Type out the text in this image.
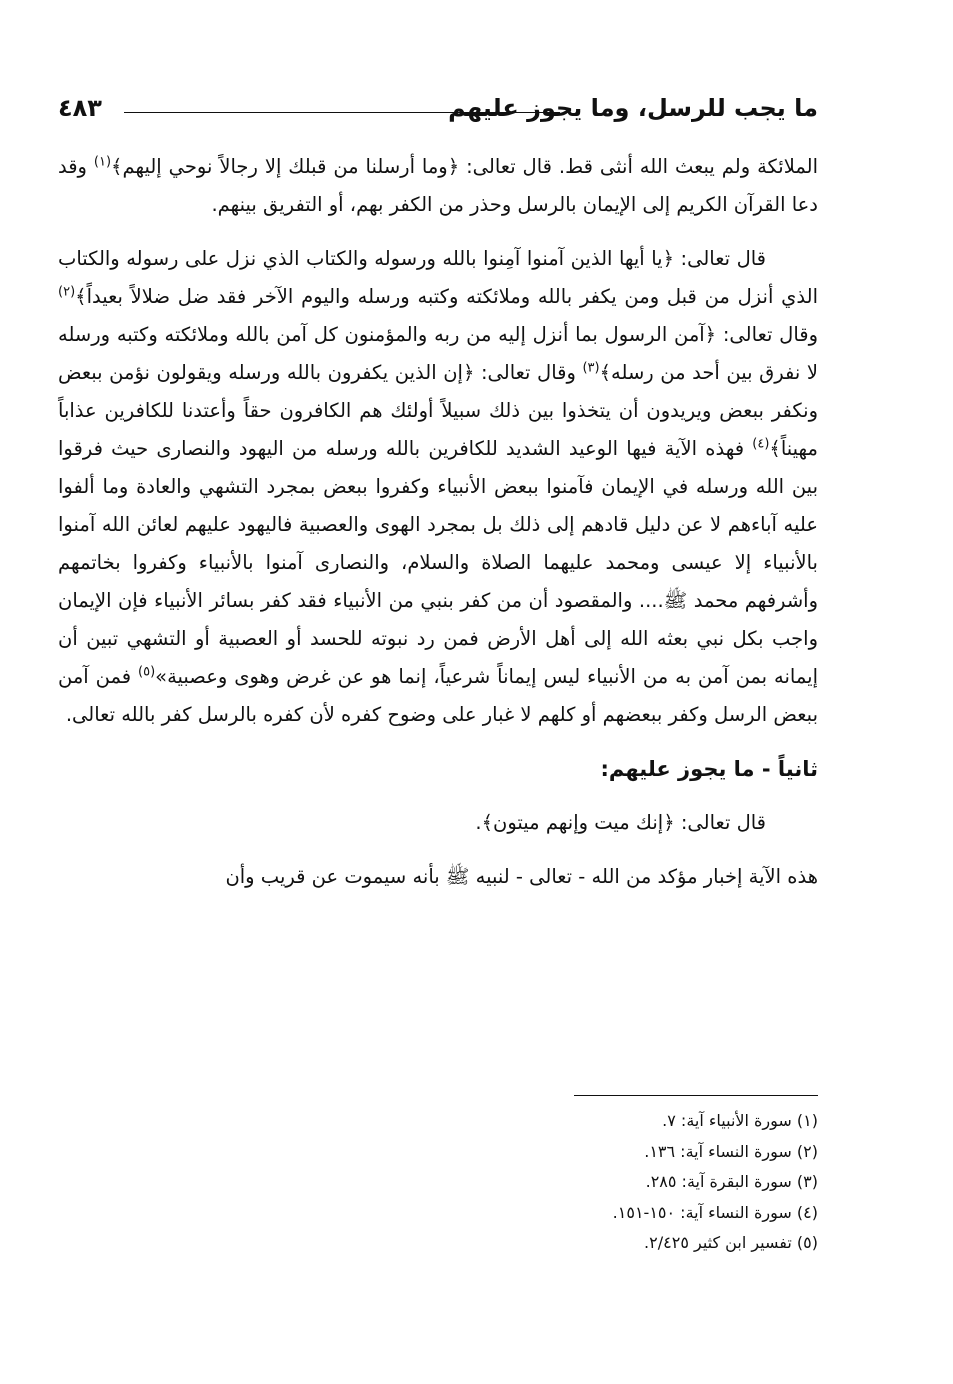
ما يجب للرسل، وما يجوز عليهم
٤٨٣

الملائكة ولم يبعث الله أنثى قط. قال تعالى: ﴿وما أرسلنا من قبلك إلا رجالاً نوحي إليهم﴾$^{(١)}$ وقد دعا القرآن الكريم إلى الإيمان بالرسل وحذر من الكفر بهم، أو التفريق بينهم.

قال تعالى: ﴿يا أيها الذين آمنوا آمِنوا بالله ورسوله والكتاب الذي نزل على رسوله والكتاب الذي أنزل من قبل ومن يكفر بالله وملائكته وكتبه ورسله واليوم الآخر فقد ضل ضلالاً بعيداً﴾$^{(٢)}$ وقال تعالى: ﴿آمن الرسول بما أنزل إليه من ربه والمؤمنون كل آمن بالله وملائكته وكتبه ورسله لا نفرق بين أحد من رسله﴾$^{(٣)}$ وقال تعالى: ﴿إن الذين يكفرون بالله ورسله ويقولون نؤمن ببعض ونكفر ببعض ويريدون أن يتخذوا بين ذلك سبيلاً أولئك هم الكافرون حقاً وأعتدنا للكافرين عذاباً مهيناً﴾$^{(٤)}$ فهذه الآية فيها الوعيد الشديد للكافرين بالله ورسله من اليهود والنصارى حيث فرقوا بين الله ورسله في الإيمان فآمنوا ببعض الأنبياء وكفروا ببعض بمجرد التشهي والعادة وما ألفوا عليه آباءهم لا عن دليل قادهم إلى ذلك بل بمجرد الهوى والعصبية فاليهود عليهم لعائن الله آمنوا بالأنبياء إلا عيسى ومحمد عليهما الصلاة والسلام، والنصارى آمنوا بالأنبياء وكفروا بخاتمهم وأشرفهم محمد ﷺ.... والمقصود أن من كفر بنبي من الأنبياء فقد كفر بسائر الأنبياء فإن الإيمان واجب بكل نبي بعثه الله إلى أهل الأرض فمن رد نبوته للحسد أو العصبية أو التشهي تبين أن إيمانه بمن آمن به من الأنبياء ليس إيماناً شرعياً، إنما هو عن غرض وهوى وعصبية»$^{(٥)}$ فمن آمن ببعض الرسل وكفر ببعضهم أو كلهم لا غبار على وضوح كفره لأن كفره بالرسل كفر بالله تعالى.

ثانياً - ما يجوز عليهم:

قال تعالى: ﴿إنك ميت وإنهم ميتون﴾.

هذه الآية إخبار مؤكد من الله - تعالى - لنبيه ﷺ بأنه سيموت عن قريب وأن

(١) سورة الأنبياء آية: ٧.
(٢) سورة النساء آية: ١٣٦.
(٣) سورة البقرة آية: ٢٨٥.
(٤) سورة النساء آية: ١٥٠-١٥١.
(٥) تفسير ابن كثير ٢/٤٢٥.
